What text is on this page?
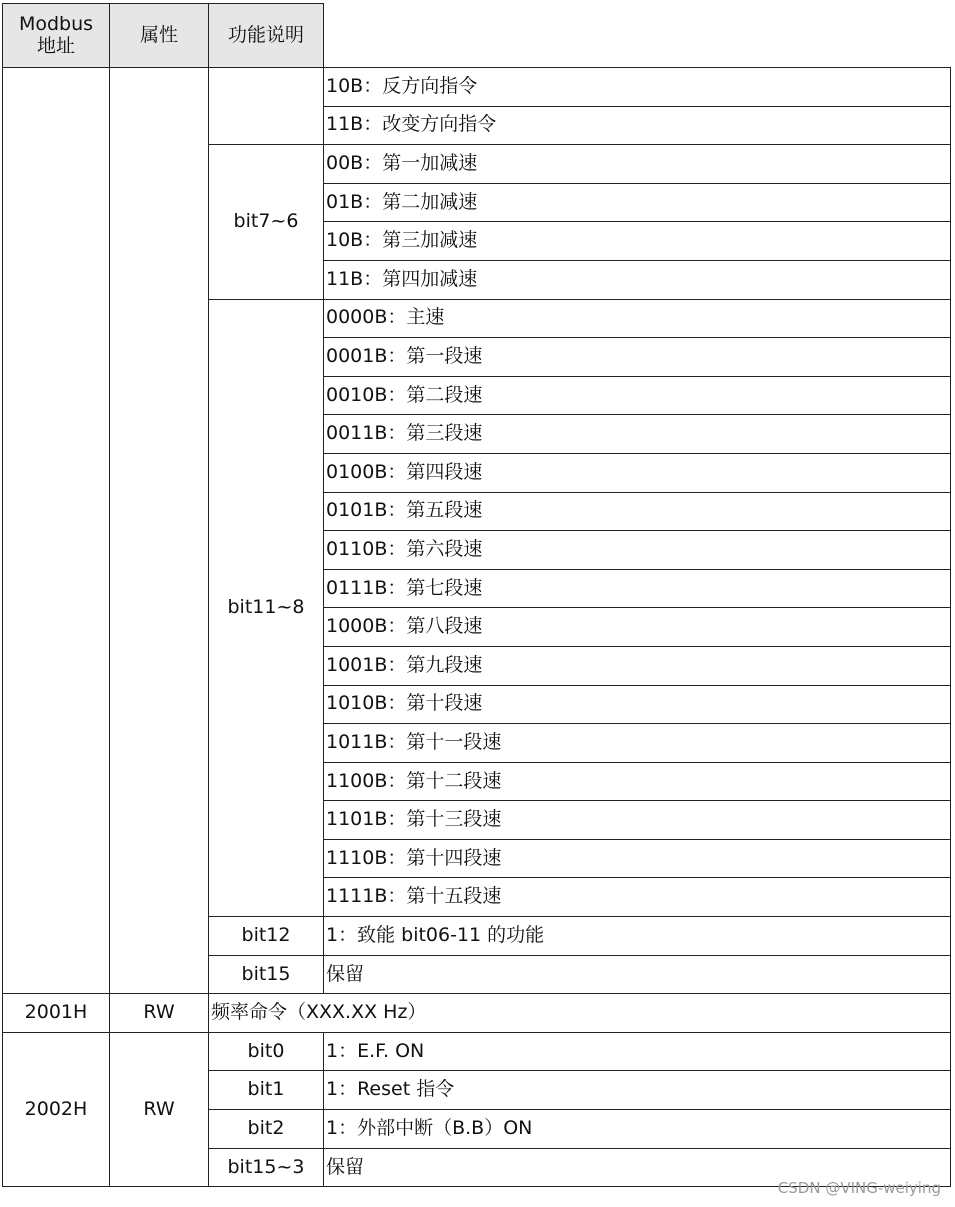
Modbus
地址	属性	功能说明	
			10B：反方向指令
			11B：改变方向指令
		bit7~6	00B：第一加减速
			01B：第二加减速
			10B：第三加减速
			11B：第四加减速
		bit11~8	0000B：主速
			0001B：第一段速
			0010B：第二段速
			0011B：第三段速
			0100B：第四段速
			0101B：第五段速
			0110B：第六段速
			0111B：第七段速
			1000B：第八段速
			1001B：第九段速
			1010B：第十段速
			1011B：第十一段速
			1100B：第十二段速
			1101B：第十三段速
			1110B：第十四段速
			1111B：第十五段速
		bit12	1：致能 bit06-11 的功能
		bit15	保留
2001H	RW	频率命令（XXX.XX Hz）	
2002H	RW	bit0	1：E.F. ON
		bit1	1：Reset 指令
		bit2	1：外部中断（B.B）ON
		bit15~3	保留
CSDN @VING-weiying
